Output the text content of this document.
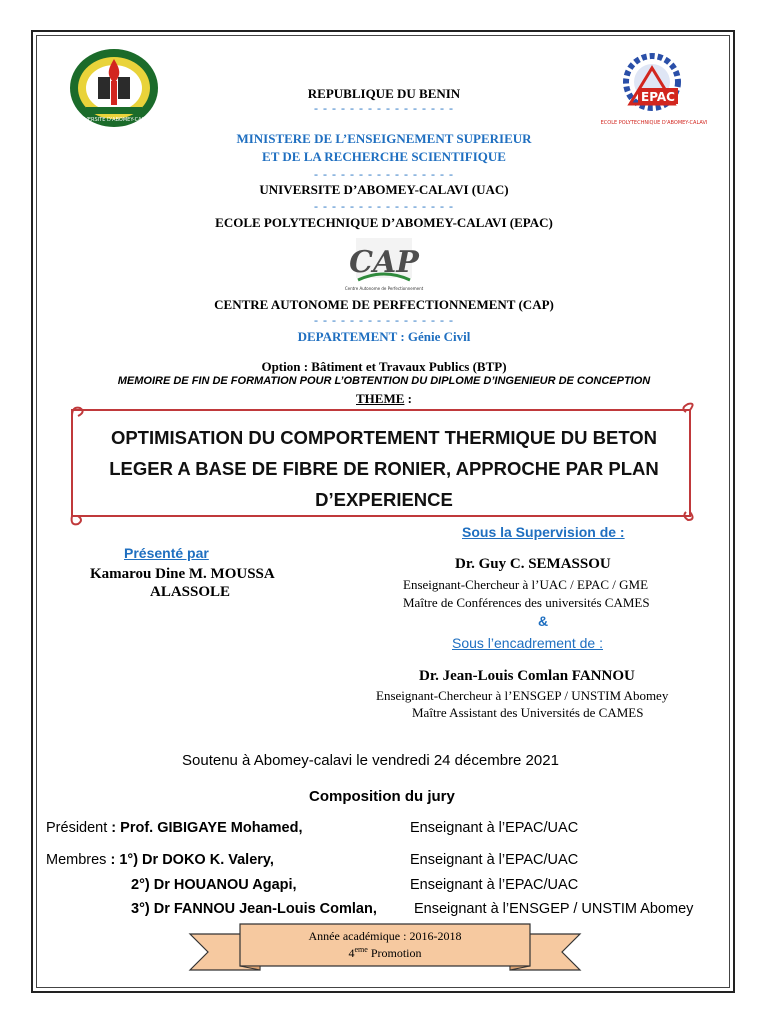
UNIVERSITE D'ABOMEY-CALAVI
EPAC
ECOLE POLYTECHNIQUE D'ABOMEY-CALAVI
REPUBLIQUE DU BENIN
- - - - - - - - - - - - - - - -
MINISTERE DE L’ENSEIGNEMENT SUPERIEUR
ET DE LA RECHERCHE SCIENTIFIQUE
- - - - - - - - - - - - - - - -
UNIVERSITE D’ABOMEY-CALAVI (UAC)
- - - - - - - - - - - - - - - -
ECOLE POLYTECHNIQUE D’ABOMEY-CALAVI (EPAC)
CAP
Centre Autonome de Perfectionnement
CENTRE AUTONOME DE PERFECTIONNEMENT (CAP)
- - - - - - - - - - - - - - - -
DEPARTEMENT : Génie Civil
Option : Bâtiment et Travaux Publics (BTP)
MEMOIRE DE FIN DE FORMATION POUR L’OBTENTION DU DIPLOME D’INGENIEUR DE CONCEPTION
THEME :
OPTIMISATION DU COMPORTEMENT THERMIQUE DU BETON
LEGER A BASE DE FIBRE DE RONIER, APPROCHE PAR PLAN
D’EXPERIENCE
Présenté par
Kamarou Dine M. MOUSSA
ALASSOLE
Sous la Supervision de :
Dr. Guy C. SEMASSOU
Enseignant-Chercheur à l’UAC / EPAC / GME
Maître de Conférences des universités CAMES
&
Sous l’encadrement de :
Dr. Jean-Louis Comlan FANNOU
Enseignant-Chercheur à l’ENSGEP / UNSTIM Abomey
Maître Assistant des Universités de CAMES
Soutenu à Abomey-calavi le vendredi 24 décembre 2021
Composition du jury
Président : Prof. GIBIGAYE Mohamed,	Enseignant à l’EPAC/UAC
Membres : 1°) Dr DOKO K. Valery,	Enseignant à l’EPAC/UAC
2°) Dr HOUANOU Agapi,	Enseignant à l’EPAC/UAC
3°) Dr FANNOU Jean-Louis Comlan,	Enseignant à l’ENSGEP / UNSTIM Abomey
Année académique : 2016-2018
4eme Promotion
